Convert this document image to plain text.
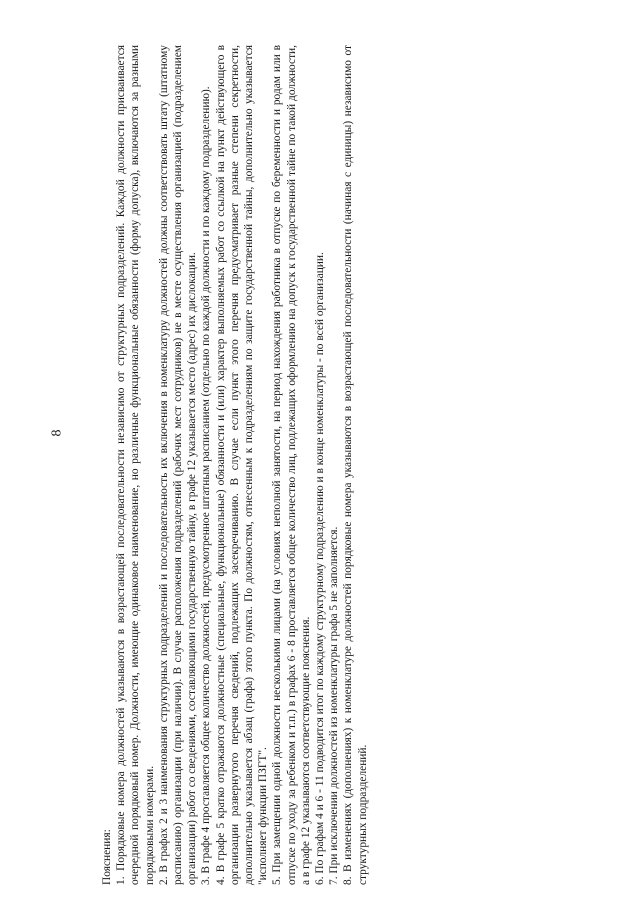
8

Пояснения: 1. Порядковые номера должностей указываются в возрастающей последовательности независимо от структурных подразделений. Каждой должности присваивается очередной порядковый номер. Должности, имеющие одинаковое наименование, но различные функциональные обязанности (форму допуска), включаются за разными порядковыми номерами. 2. В графах 2 и 3 наименования структурных подразделений и последовательность их включения в номенклатуру должностей должны соответствовать штату (штатному расписанию) организации (при наличии). В случае расположения подразделений (рабочих мест сотрудников) не в месте осуществления организацией (подразделением организации) работ со сведениями, составляющими государственную тайну, в графе 12 указывается место (адрес) их дислокации. 3. В графе 4 проставляется общее количество должностей, предусмотренное штатным расписанием (отдельно по каждой должности и по каждому подразделению). 4. В графе 5 кратко отражаются должностные (специальные, функциональные) обязанности и (или) характер выполняемых работ со ссылкой на пункт действующего в организации развернутого перечня сведений, подлежащих засекречиванию. В случае если пункт этого перечня предусматривает разные степени секретности, дополнительно указывается абзац (графа) этого пункта. По должностям, отнесенным к подразделениям по защите государственной тайны, дополнительно указывается "исполняет функции ПЗГТ". 5. При замещении одной должности несколькими лицами (на условиях неполной занятости, на период нахождения работника в отпуске по беременности и родам или в отпуске по уходу за ребенком и т.п.) в графах 6 - 8 проставляется общее количество лиц, подлежащих оформлению на допуск к государственной тайне по такой должности, а в графе 12 указываются соответствующие пояснения. 6. По графам 4 и 6 - 11 подводится итог по каждому структурному подразделению и в конце номенклатуры - по всей организации. 7. При исключении должностей из номенклатуры графа 5 не заполняется. 8. В изменениях (дополнениях) к номенклатуре должностей порядковые номера указываются в возрастающей последовательности (начиная с единицы) независимо от структурных подразделений.
